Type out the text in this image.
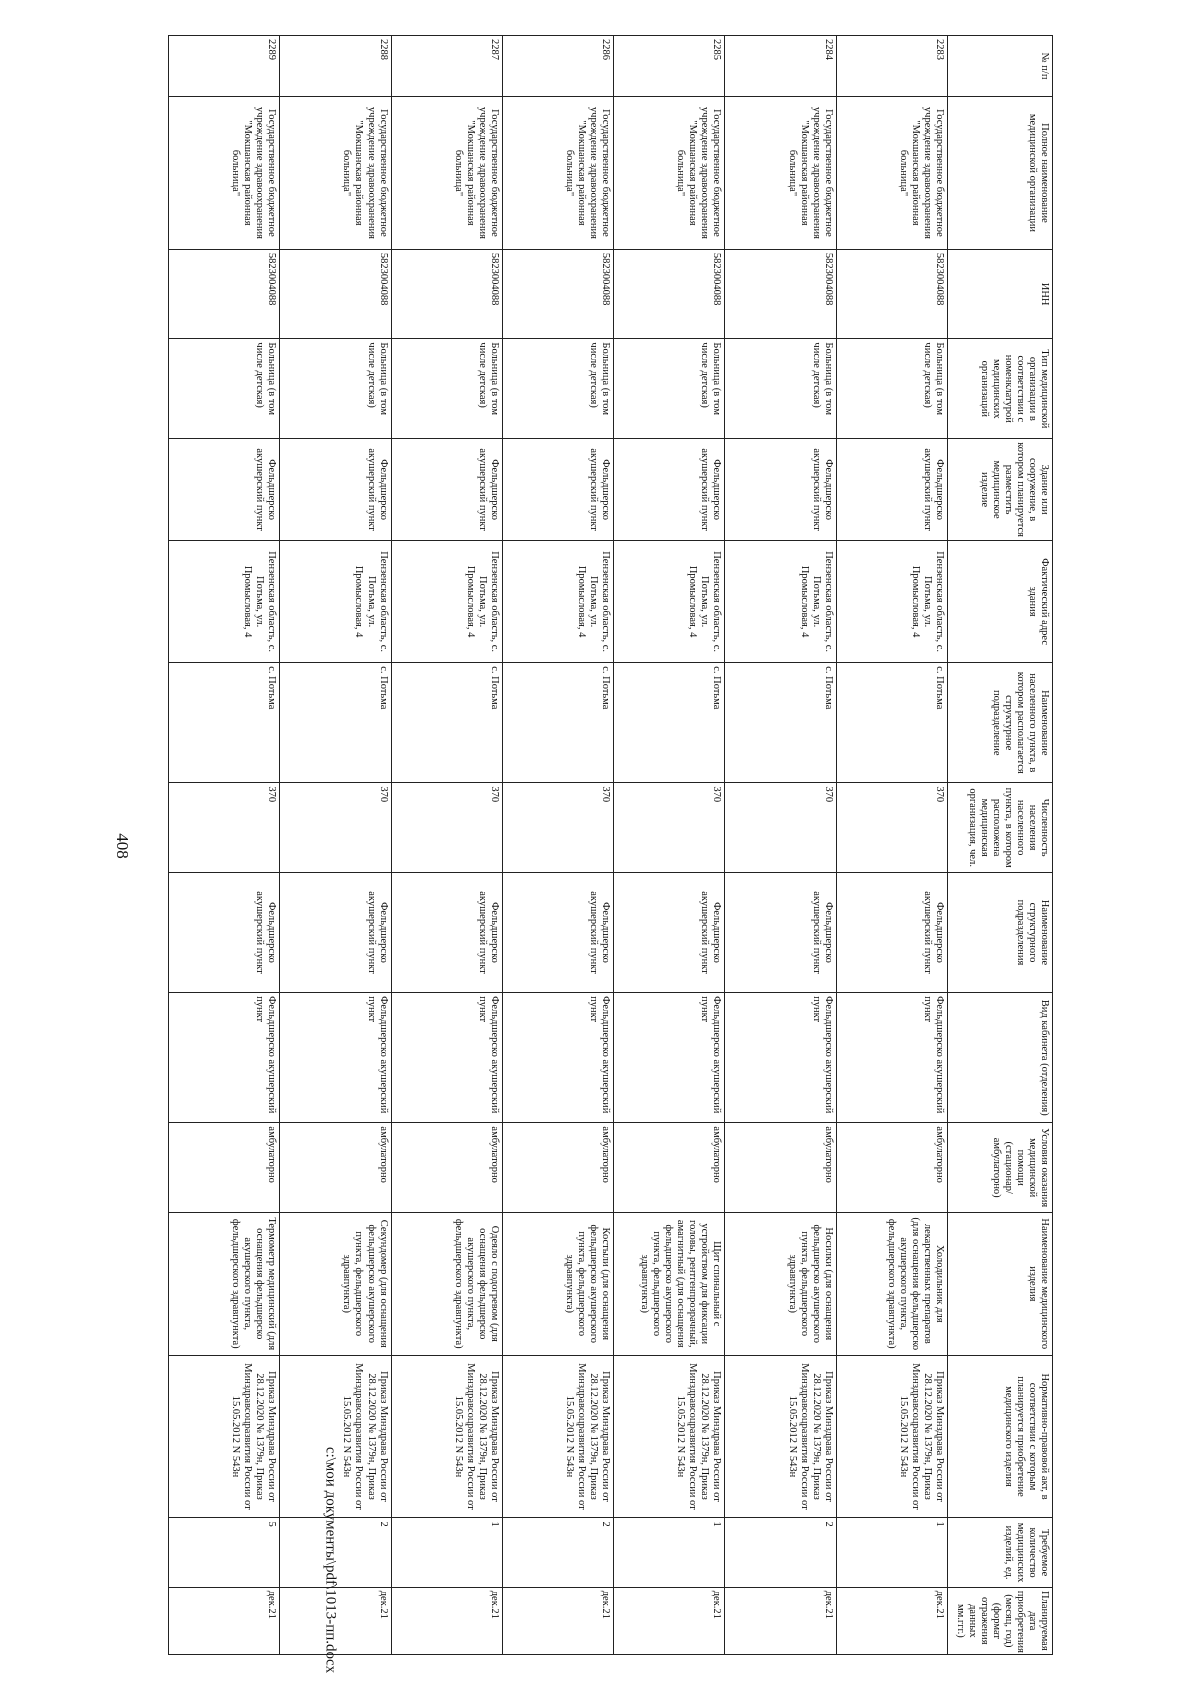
408
№ п/п	Полное наименование медицинской организации	ИНН	Тип медицинской организации в соответствии с номенклатурой медицинских организаций	Здание или сооружение, в котором планируется разместить медицинское изделие	Фактический адрес здания	Наименование населенного пункта, в котором располагается структурное подразделение	Численность населения населенного пункта, в котором расположена медицинская организация, чел.	Наименование структурного подразделения	Вид кабинета (отделения)	Условия оказания медицинской помощи (стационар/ амбулаторно)	Наименование медицинского изделия	Нормативно-правовой акт, в соответствии с которым планируется приобретение медицинского изделия	Требуемое количество медицинских изделий, ед.	Планируемая дата приобретения (месяц, год) (формат отражения данных мм.ггг.)
2283	Государственное бюджетное учреждение здравоохранения "Мокшанская районная больница"	5823004088	Больница (в том числе детская)	Фельдшерско акушерский пункт	Пензенская область, с. Потьма, ул. Промысловая, 4	с. Потьма	370	Фельдшерско акушерский пункт	Фельдшерско акушерский пункт	амбулаторно	Холодильник для лекарственных препаратов (для оснащения фельдшерско акушерского пункта, фельдшерского здравпункта)	Приказ Минздрава России от 28.12.2020 № 1379н, Приказ Минздравсоцразвития России от 15.05.2012 N 543н	1	дек.21
2284	Государственное бюджетное учреждение здравоохранения "Мокшанская районная больница"	5823004088	Больница (в том числе детская)	Фельдшерско акушерский пункт	Пензенская область, с. Потьма, ул. Промысловая, 4	с. Потьма	370	Фельдшерско акушерский пункт	Фельдшерско акушерский пункт	амбулаторно	Носилки (для оснащения фельдшерско акушерского пункта, фельдшерского здравпункта)	Приказ Минздрава России от 28.12.2020 № 1379н, Приказ Минздравсоцразвития России от 15.05.2012 N 543н	2	дек.21
2285	Государственное бюджетное учреждение здравоохранения "Мокшанская районная больница"	5823004088	Больница (в том числе детская)	Фельдшерско акушерский пункт	Пензенская область, с. Потьма, ул. Промысловая, 4	с. Потьма	370	Фельдшерско акушерский пункт	Фельдшерско акушерский пункт	амбулаторно	Щит спинальный с устройством для фиксации головы, рентгенпрозрачный, амагнитный (для оснащения фельдшерско акушерского пункта, фельдшерского здравпункта)	Приказ Минздрава России от 28.12.2020 № 1379н, Приказ Минздравсоцразвития России от 15.05.2012 N 543н	1	дек.21
2286	Государственное бюджетное учреждение здравоохранения "Мокшанская районная больница"	5823004088	Больница (в том числе детская)	Фельдшерско акушерский пункт	Пензенская область, с. Потьма, ул. Промысловая, 4	с. Потьма	370	Фельдшерско акушерский пункт	Фельдшерско акушерский пункт	амбулаторно	Костыли (для оснащения фельдшерско акушерского пункта, фельдшерского здравпункта)	Приказ Минздрава России от 28.12.2020 № 1379н, Приказ Минздравсоцразвития России от 15.05.2012 N 543н	2	дек.21
2287	Государственное бюджетное учреждение здравоохранения "Мокшанская районная больница"	5823004088	Больница (в том числе детская)	Фельдшерско акушерский пункт	Пензенская область, с. Потьма, ул. Промысловая, 4	с. Потьма	370	Фельдшерско акушерский пункт	Фельдшерско акушерский пункт	амбулаторно	Одеяло с подогревом (для оснащения фельдшерско акушерского пункта, фельдшерского здравпункта)	Приказ Минздрава России от 28.12.2020 № 1379н, Приказ Минздравсоцразвития России от 15.05.2012 N 543н	1	дек.21
2288	Государственное бюджетное учреждение здравоохранения "Мокшанская районная больница"	5823004088	Больница (в том числе детская)	Фельдшерско акушерский пункт	Пензенская область, с. Потьма, ул. Промысловая, 4	с. Потьма	370	Фельдшерско акушерский пункт	Фельдшерско акушерский пункт	амбулаторно	Секундомер (для оснащения фельдшерско акушерского пункта, фельдшерского здравпункта)	Приказ Минздрава России от 28.12.2020 № 1379н, Приказ Минздравсоцразвития России от 15.05.2012 N 543н	2	дек.21
2289	Государственное бюджетное учреждение здравоохранения "Мокшанская районная больница"	5823004088	Больница (в том числе детская)	Фельдшерско акушерский пункт	Пензенская область, с. Потьма, ул. Промысловая, 4	с. Потьма	370	Фельдшерско акушерский пункт	Фельдшерско акушерский пункт	амбулаторно	Термометр медицинский (для оснащения фельдшерско акушерского пункта, фельдшерского здравпункта)	Приказ Минздрава России от 28.12.2020 № 1379н, Приказ Минздравсоцразвития России от 15.05.2012 N 543н	5	дек.21	c:\мои документы\pdf\1013-пп.docx
